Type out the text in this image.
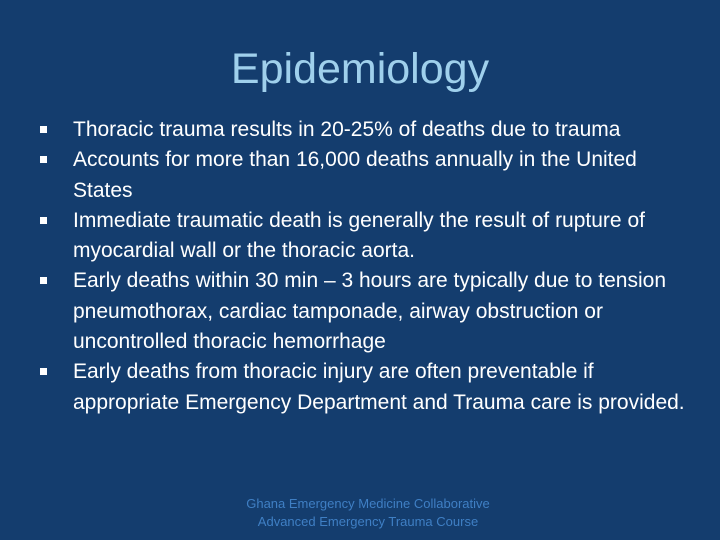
Epidemiology
Thoracic trauma results in 20-25% of deaths due to trauma
Accounts for more than 16,000 deaths annually in the United States
Immediate traumatic death is generally the result of rupture of myocardial wall or the thoracic aorta.
Early deaths within 30 min – 3 hours are typically due to tension pneumothorax, cardiac tamponade, airway obstruction or uncontrolled thoracic hemorrhage
Early deaths from thoracic injury are often preventable if appropriate Emergency Department and Trauma care is provided.
Ghana Emergency Medicine Collaborative
Advanced Emergency Trauma Course
